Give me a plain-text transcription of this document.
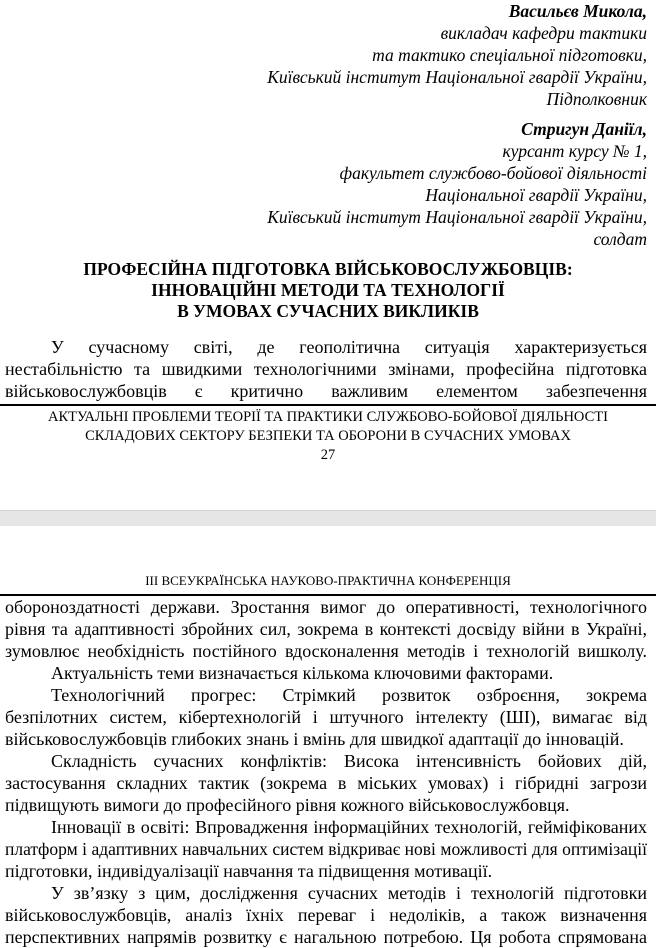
Васильєв Микола,
викладач кафедри тактики
та тактико спеціальної підготовки,
Київський інститут Національної гвардії України,
Підполковник
Стригун Даніїл,
курсант курсу № 1,
факультет службово-бойової діяльності
Національної гвардії України,
Київський інститут Національної гвардії України,
солдат
ПРОФЕСІЙНА ПІДГОТОВКА ВІЙСЬКОВОСЛУЖБОВЦІВ:
ІННОВАЦІЙНІ МЕТОДИ ТА ТЕХНОЛОГІЇ
В УМОВАХ СУЧАСНИХ ВИКЛИКІВ
У сучасному світі, де геополітична ситуація характеризується
нестабільністю та швидкими технологічними змінами, професійна підготовка
військовослужбовців є критично важливим елементом забезпечення
АКТУАЛЬНІ ПРОБЛЕМИ ТЕОРІЇ ТА ПРАКТИКИ СЛУЖБОВО-БОЙОВОЇ ДІЯЛЬНОСТІ
СКЛАДОВИХ СЕКТОРУ БЕЗПЕКИ ТА ОБОРОНИ В СУЧАСНИХ УМОВАХ
27
ІІІ ВСЕУКРАЇНСЬКА НАУКОВО-ПРАКТИЧНА КОНФЕРЕНЦІЯ
обороноздатності держави. Зростання вимог до оперативності, технологічного
рівня та адаптивності збройних сил, зокрема в контексті досвіду війни в Україні,
зумовлює необхідність постійного вдосконалення методів і технологій вишколу.
Актуальність теми визначається кількома ключовими факторами.
Технологічний прогрес: Стрімкий розвиток озброєння, зокрема
безпілотних систем, кібертехнологій і штучного інтелекту (ШІ), вимагає від
військовослужбовців глибоких знань і вмінь для швидкої адаптації до інновацій.
Складність сучасних конфліктів: Висока інтенсивність бойових дій,
застосування складних тактик (зокрема в міських умовах) і гібридні загрози
підвищують вимоги до професійного рівня кожного військовослужбовця.
Інновації в освіті: Впровадження інформаційних технологій, гейміфікованих
платформ і адаптивних навчальних систем відкриває нові можливості для оптимізації
підготовки, індивідуалізації навчання та підвищення мотивації.
У зв’язку з цим, дослідження сучасних методів і технологій підготовки
військовослужбовців, аналіз їхніх переваг і недоліків, а також визначення
перспективних напрямів розвитку є нагальною потребою. Ця робота спрямована
